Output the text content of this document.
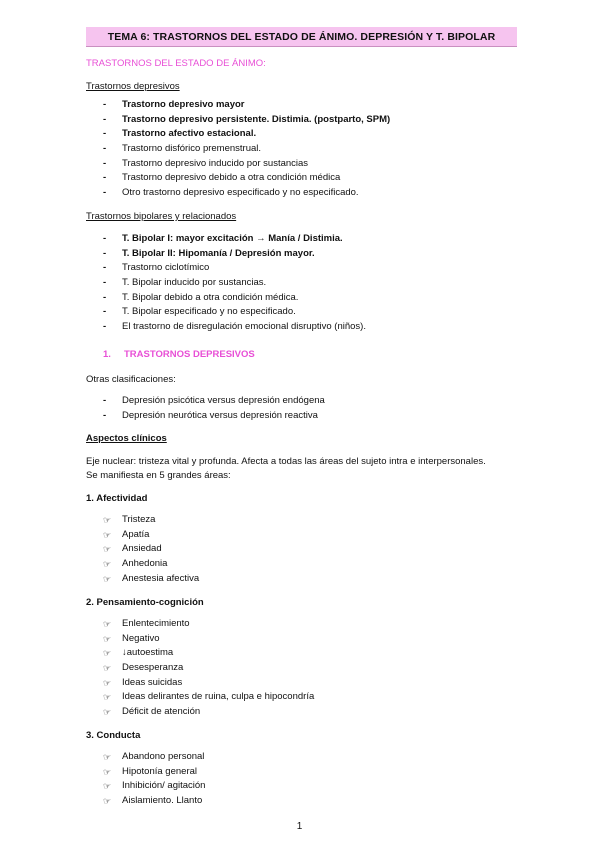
TEMA 6: TRASTORNOS DEL ESTADO DE ÁNIMO. DEPRESIÓN Y T. BIPOLAR
TRASTORNOS DEL ESTADO DE ÁNIMO:
Trastornos depresivos
-	Trastorno depresivo mayor
-	Trastorno depresivo persistente. Distimia. (postparto, SPM)
-	Trastorno afectivo estacional.
-	Trastorno disfórico premenstrual.
-	Trastorno depresivo inducido por sustancias
-	Trastorno depresivo debido a otra condición médica
-	Otro trastorno depresivo especificado y no especificado.
Trastornos bipolares y relacionados
-	T. Bipolar I: mayor excitación → Manía / Distimia.
-	T. Bipolar II: Hipomanía / Depresión mayor.
-	Trastorno ciclotímico
-	T. Bipolar inducido por sustancias.
-	T. Bipolar debido a otra condición médica.
-	T. Bipolar especificado y no especificado.
-	El trastorno de disregulación emocional disruptivo (niños).
1. TRASTORNOS DEPRESIVOS
Otras clasificaciones:
-	Depresión psicótica versus depresión endógena
-	Depresión neurótica versus depresión reactiva
Aspectos clínicos
Eje nuclear: tristeza vital y profunda. Afecta a todas las áreas del sujeto intra e interpersonales.
Se manifiesta en 5 grandes áreas:
1. Afectividad
☞	Tristeza
☞	Apatía
☞	Ansiedad
☞	Anhedonia
☞	Anestesia afectiva
2. Pensamiento-cognición
☞	Enlentecimiento
☞	Negativo
☞	↓autoestima
☞	Desesperanza
☞	Ideas suicidas
☞	Ideas delirantes de ruina, culpa e hipocondría
☞	Déficit de atención
3. Conducta
☞	Abandono personal
☞	Hipotonía general
☞	Inhibición/ agitación
☞	Aislamiento. Llanto
1
